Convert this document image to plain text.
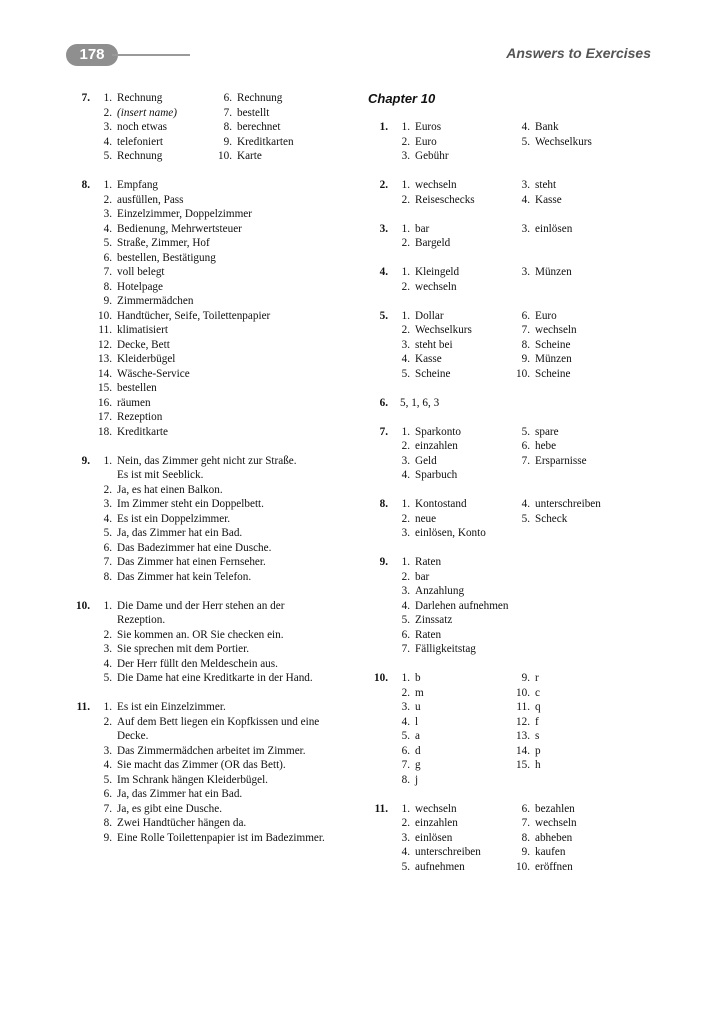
178	Answers to Exercises
7.	1. Rechnung	6. Rechnung
2. (insert name)	7. bestellt
3. noch etwas	8. berechnet
4. telefoniert	9. Kreditkarten
5. Rechnung	10. Karte
8.	1. Empfang
2. ausfüllen, Pass
3. Einzelzimmer, Doppelzimmer
4. Bedienung, Mehrwertsteuer
5. Straße, Zimmer, Hof
6. bestellen, Bestätigung
7. voll belegt
8. Hotelpage
9. Zimmermädchen
10. Handtücher, Seife, Toilettenpapier
11. klimatisiert
12. Decke, Bett
13. Kleiderbügel
14. Wäsche-Service
15. bestellen
16. räumen
17. Rezeption
18. Kreditkarte
9.	1. Nein, das Zimmer geht nicht zur Straße.
Es ist mit Seeblick.
2. Ja, es hat einen Balkon.
3. Im Zimmer steht ein Doppelbett.
4. Es ist ein Doppelzimmer.
5. Ja, das Zimmer hat ein Bad.
6. Das Badezimmer hat eine Dusche.
7. Das Zimmer hat einen Fernseher.
8. Das Zimmer hat kein Telefon.
10.	1. Die Dame und der Herr stehen an der
Rezeption.
2. Sie kommen an. OR Sie checken ein.
3. Sie sprechen mit dem Portier.
4. Der Herr füllt den Meldeschein aus.
5. Die Dame hat eine Kreditkarte in der Hand.
11.	1. Es ist ein Einzelzimmer.
2. Auf dem Bett liegen ein Kopfkissen und eine
Decke.
3. Das Zimmermädchen arbeitet im Zimmer.
4. Sie macht das Zimmer (OR das Bett).
5. Im Schrank hängen Kleiderbügel.
6. Ja, das Zimmer hat ein Bad.
7. Ja, es gibt eine Dusche.
8. Zwei Handtücher hängen da.
9. Eine Rolle Toilettenpapier ist im Badezimmer.
Chapter 10
1.	1. Euros	4. Bank
2. Euro	5. Wechselkurs
3. Gebühr
2.	1. wechseln	3. steht
2. Reiseschecks	4. Kasse
3.	1. bar	3. einlösen
2. Bargeld
4.	1. Kleingeld	3. Münzen
2. wechseln
5.	1. Dollar	6. Euro
2. Wechselkurs	7. wechseln
3. steht bei	8. Scheine
4. Kasse	9. Münzen
5. Scheine	10. Scheine
6. 5, 1, 6, 3
7.	1. Sparkonto	5. spare
2. einzahlen	6. hebe
3. Geld	7. Ersparnisse
4. Sparbuch
8.	1. Kontostand	4. unterschreiben
2. neue	5. Scheck
3. einlösen, Konto
9.	1. Raten
2. bar
3. Anzahlung
4. Darlehen aufnehmen
5. Zinssatz
6. Raten
7. Fälligkeitstag
10.	1. b	9. r
2. m	10. c
3. u	11. q
4. l	12. f
5. a	13. s
6. d	14. p
7. g	15. h
8. j
11.	1. wechseln	6. bezahlen
2. einzahlen	7. wechseln
3. einlösen	8. abheben
4. unterschreiben	9. kaufen
5. aufnehmen	10. eröffnen
